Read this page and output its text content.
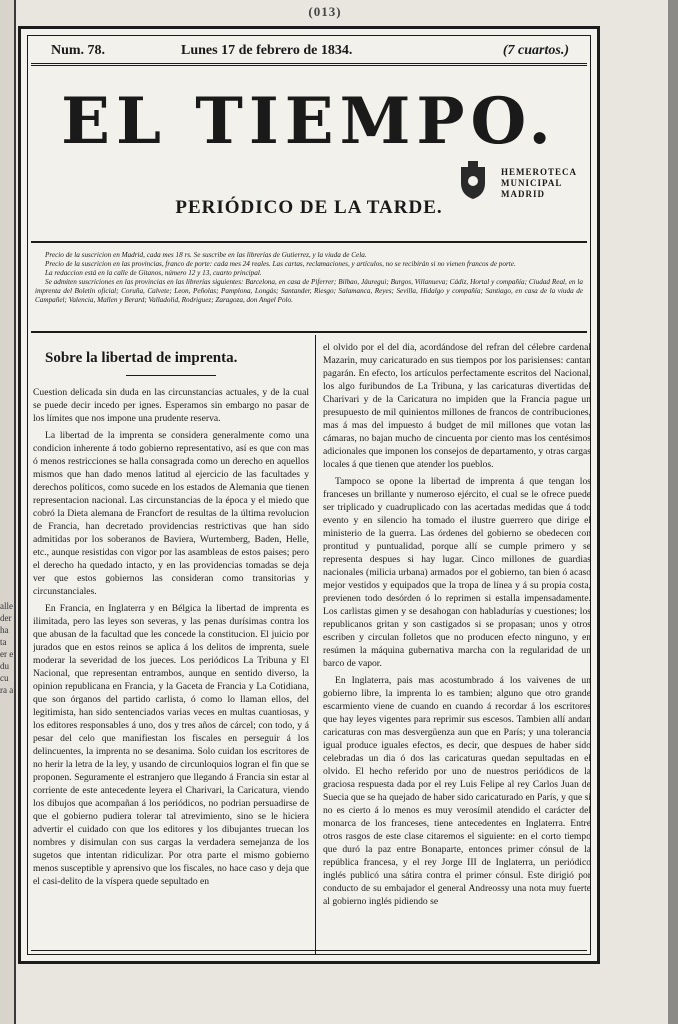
alle der ha ta er e du cu ra a
(013)
Num. 78.	Lunes 17 de febrero de 1834.	(7 cuartos.)
EL TIEMPO.
HEMEROTECA MUNICIPAL MADRID
PERIÓDICO DE LA TARDE.

Precio de la suscricion en Madrid, cada mes 18 rs. Se suscribe en las librerías de Gutierrez, y la viuda de Cela.

Precio de la suscricion en las provincias, franco de porte: cada mes 24 reales. Las cartas, reclamaciones, y artículos, no se recibirán si no vienen francos de porte.

La redaccion está en la calle de Gitanos, número 12 y 13, cuarto principal.

Se admiten suscriciones en las provincias en las librerías siguientes: Barcelona, en casa de Piferrer; Bilbao, Jáuregui; Burgos, Villanueva; Cádiz, Hortal y compañía; Ciudad Real, en la imprenta del Boletín oficial; Coruña, Calvete; Leon, Peñolas; Pamplona, Longás; Santander, Riesgo; Salamanca, Reyes; Sevilla, Hidalgo y compañía; Santiago, en casa de la viuda de Campañel; Valencia, Mallen y Berard; Valladolid, Rodriguez; Zaragoza, don Angel Polo.

Sobre la libertad de imprenta.

Cuestion delicada sin duda en las circunstancias actuales, y de la cual se puede decir incedo per ignes. Esperamos sin embargo no pasar de los límites que nos impone una prudente reserva.

La libertad de la imprenta se considera generalmente como una condicion inherente á todo gobierno representativo, así es que con mas ó menos restricciones se halla consagrada como un derecho en aquellos mismos que han dado menos latitud al ejercicio de las facultades y derechos políticos, como sucede en los estados de Alemania que tienen representacion nacional. Las circunstancias de la época y el miedo que cobró la Dieta alemana de Francfort de resultas de la última revolucion de Francia, han decretado providencias restrictivas que han sido admitidas por los soberanos de Baviera, Wurtemberg, Baden, Helle, etc., aunque resistidas con vigor por las asambleas de estos paises; pero el derecho ha quedado intacto, y en las providencias tomadas se deja ver que estos gobiernos las consideran como transitorias y circunstanciales.

En Francia, en Inglaterra y en Bélgica la libertad de imprenta es ilimitada, pero las leyes son severas, y las penas durísimas contra los que abusan de la facultad que les concede la constitucion. El juicio por jurados que en estos reinos se aplica á los delitos de imprenta, suele moderar la severidad de los jueces. Los periódicos La Tribuna y El Nacional, que representan entrambos, aunque en sentido diverso, la opinion republicana en Francia, y la Gaceta de Francia y La Cotidiana, que son órganos del partido carlista, ó como lo llaman ellos, del legitimista, han sido sentenciados varias veces en multas cuantiosas, y los editores responsables á uno, dos y tres años de cárcel; con todo, y á pesar del celo que manifiestan los fiscales en perseguir á los delincuentes, la imprenta no se desanima. Solo cuidan los escritores de no herir la letra de la ley, y usando de circunloquios logran el fin que se proponen. Seguramente el estranjero que llegando á Francia sin estar al corriente de este antecedente leyera el Charivari, la Caricatura, viendo los dibujos que acompañan á los periódicos, no podrian persuadirse de que el gobierno pudiera tolerar tal atrevimiento, sino se le hiciera advertir el cuidado con que los editores y los dibujantes truecan los nombres y disimulan con sus cargas la verdadera semejanza de los sugetos que intentan ridiculizar. Por otra parte el mismo gobierno menos susceptible y aprensivo que los fiscales, no hace caso y deja que el casi-delito de la víspera quede sepultado en

el olvido por el del dia, acordándose del refran del célebre cardenal Mazarin, muy caricaturado en sus tiempos por los parisienses: cantan pagarán. En efecto, los artículos perfectamente escritos del Nacional, los algo furibundos de La Tribuna, y las caricaturas divertidas del Charivari y de la Caricatura no impiden que la Francia pague un presupuesto de mil quinientos millones de francos de contribuciones, mas á mas del impuesto á budget de mil millones que votan las cámaras, no bajan mucho de cincuenta por ciento mas los centésimos adicionales que imponen los consejos de departamento, y otras cargas locales á que tienen que atender los pueblos.

Tampoco se opone la libertad de imprenta á que tengan los franceses un brillante y numeroso ejército, el cual se le ofrece puede ser triplicado y cuadruplicado con las acertadas medidas que á todo evento y en silencio ha tomado el ilustre guerrero que dirige el ministerio de la guerra. Las órdenes del gobierno se obedecen con prontitud y puntualidad, porque allí se cumple primero y se representa despues si hay lugar. Cinco millones de guardias nacionales (milicia urbana) armados por el gobierno, tan bien ó acaso mejor vestidos y equipados que la tropa de línea y á su propia costa, previenen todo desórden ó lo reprimen si estalla impensadamente. Los carlistas gimen y se desahogan con habladurías y cuestiones; los republicanos gritan y son castigados si se propasan; unos y otros escriben y circulan folletos que no producen efecto ninguno, y en resúmen la máquina gubernativa marcha con la regularidad de un barco de vapor.

En Inglaterra, pais mas acostumbrado á los vaivenes de un gobierno libre, la imprenta lo es tambien; alguno que otro grande escarmiento viene de cuando en cuando á recordar á los escritores que hay leyes vigentes para reprimir sus escesos. Tambien allí andan caricaturas con mas desvergüenza aun que en París; y una tolerancia igual produce iguales efectos, es decir, que despues de haber sido celebradas un dia ó dos las caricaturas quedan sepultadas en el olvido. El hecho referido por uno de nuestros periódicos de la graciosa respuesta dada por el rey Luis Felipe al rey Carlos Juan de Suecia que se ha quejado de haber sido caricaturado en París, y que si no es cierto á lo menos es muy verosímil atendido el carácter del monarca de los franceses, tiene antecedentes en Inglaterra. Entre otros rasgos de este clase citaremos el siguiente: en el corto tiempo que duró la paz entre Bonaparte, entonces primer cónsul de la república francesa, y el rey Jorge III de Inglaterra, un periódico inglés publicó una sátira contra el primer cónsul. Este dirigió por conducto de su embajador el general Andreossy una nota muy fuerte al gobierno inglés pidiendo se
